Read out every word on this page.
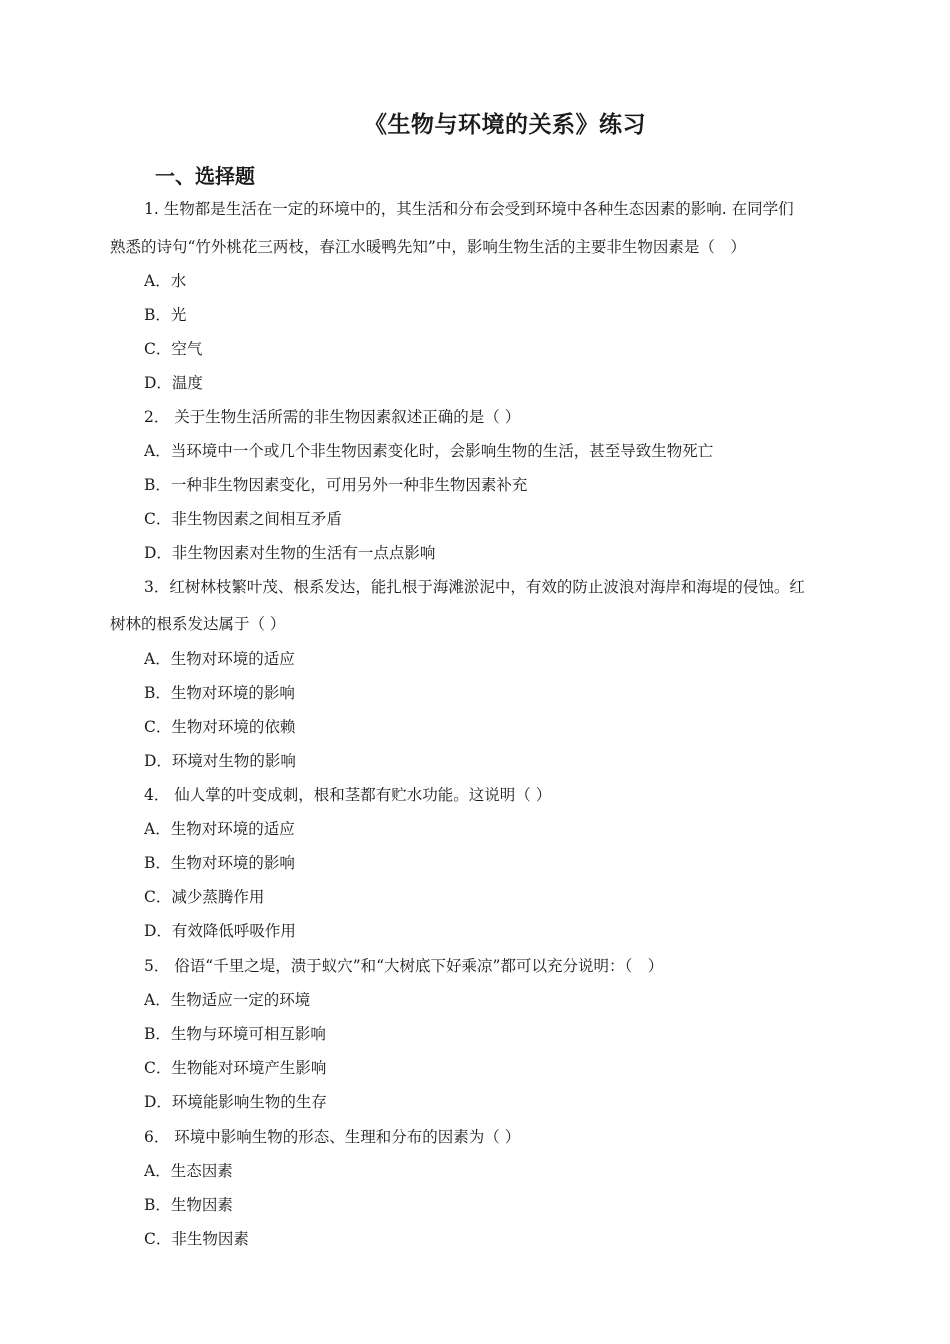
《生物与环境的关系》练习
一、选择题
1. 生物都是生活在一定的环境中的，其生活和分布会受到环境中各种生态因素的影响. 在同学们
熟悉的诗句“竹外桃花三两枝，春江水暖鸭先知”中，影响生物生活的主要非生物因素是（　）
A．水
B．光
C．空气
D．温度
2． 关于生物生活所需的非生物因素叙述正确的是（ ）
A．当环境中一个或几个非生物因素变化时，会影响生物的生活，甚至导致生物死亡
B．一种非生物因素变化，可用另外一种非生物因素补充
C．非生物因素之间相互矛盾
D．非生物因素对生物的生活有一点点影响
3．红树林枝繁叶茂、根系发达，能扎根于海滩淤泥中，有效的防止波浪对海岸和海堤的侵蚀。红
树林的根系发达属于（ ）
A．生物对环境的适应
B．生物对环境的影响
C．生物对环境的依赖
D．环境对生物的影响
4． 仙人掌的叶变成刺，根和茎都有贮水功能。这说明（ ）
A．生物对环境的适应
B．生物对环境的影响
C．减少蒸腾作用
D．有效降低呼吸作用
5． 俗语“千里之堤，溃于蚁穴”和“大树底下好乘凉”都可以充分说明：（　）
A．生物适应一定的环境
B．生物与环境可相互影响
C．生物能对环境产生影响
D．环境能影响生物的生存
6． 环境中影响生物的形态、生理和分布的因素为（ ）
A．生态因素
B．生物因素
C．非生物因素
